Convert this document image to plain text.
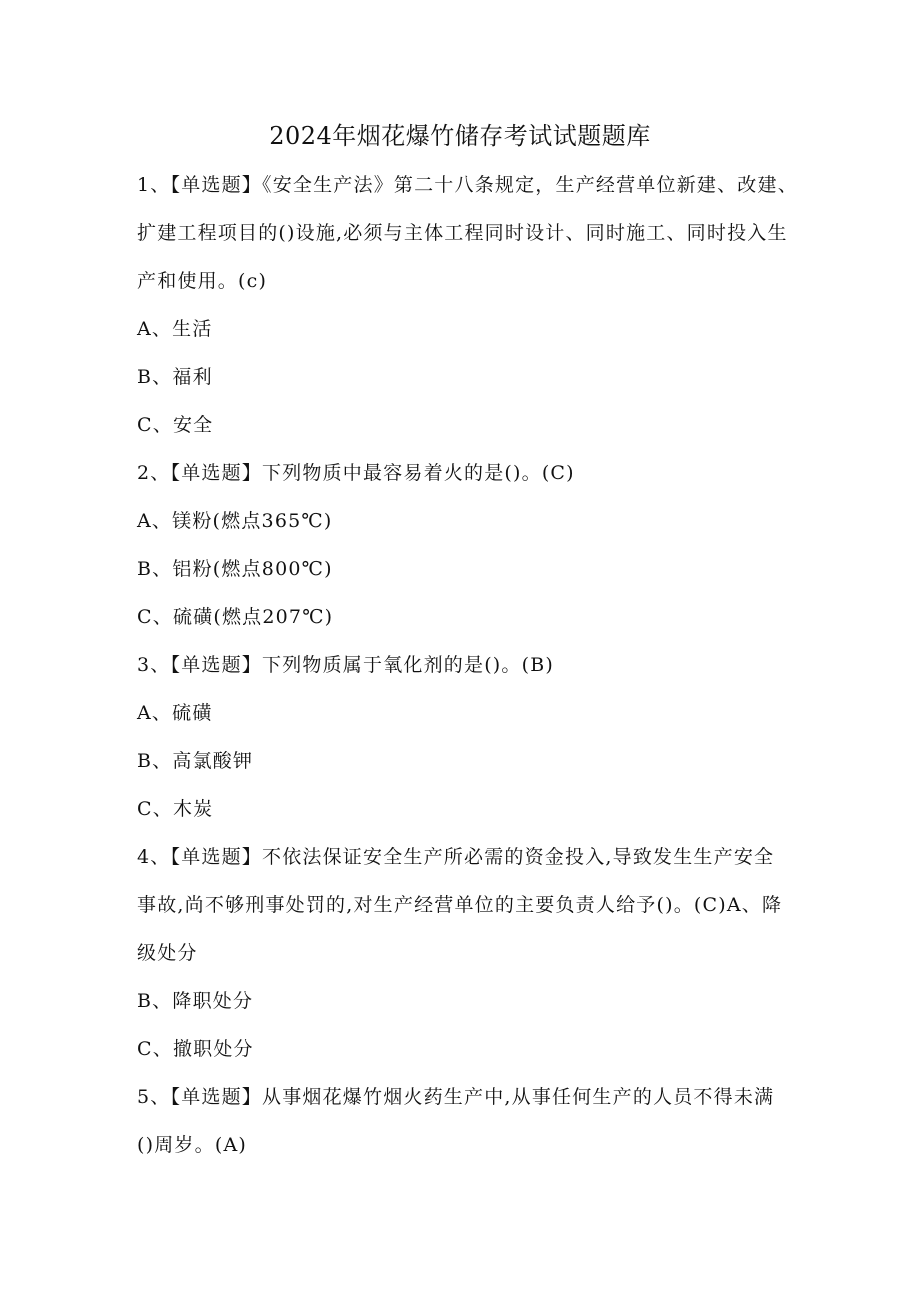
2024年烟花爆竹储存考试试题题库
1、【单选题】《安全生产法》第二十八条规定，生产经营单位新建、改建、
扩建工程项目的()设施,必须与主体工程同时设计、同时施工、同时投入生
产和使用。(c)
A、生活
B、福利
C、安全
2、【单选题】下列物质中最容易着火的是()。(C)
A、镁粉(燃点365℃)
B、铝粉(燃点800℃)
C、硫磺(燃点207℃)
3、【单选题】下列物质属于氧化剂的是()。(B)
A、硫磺
B、高氯酸钾
C、木炭
4、【单选题】不依法保证安全生产所必需的资金投入,导致发生生产安全
事故,尚不够刑事处罚的,对生产经营单位的主要负责人给予()。(C)A、降
级处分
B、降职处分
C、撤职处分
5、【单选题】从事烟花爆竹烟火药生产中,从事任何生产的人员不得未满
()周岁。(A)
